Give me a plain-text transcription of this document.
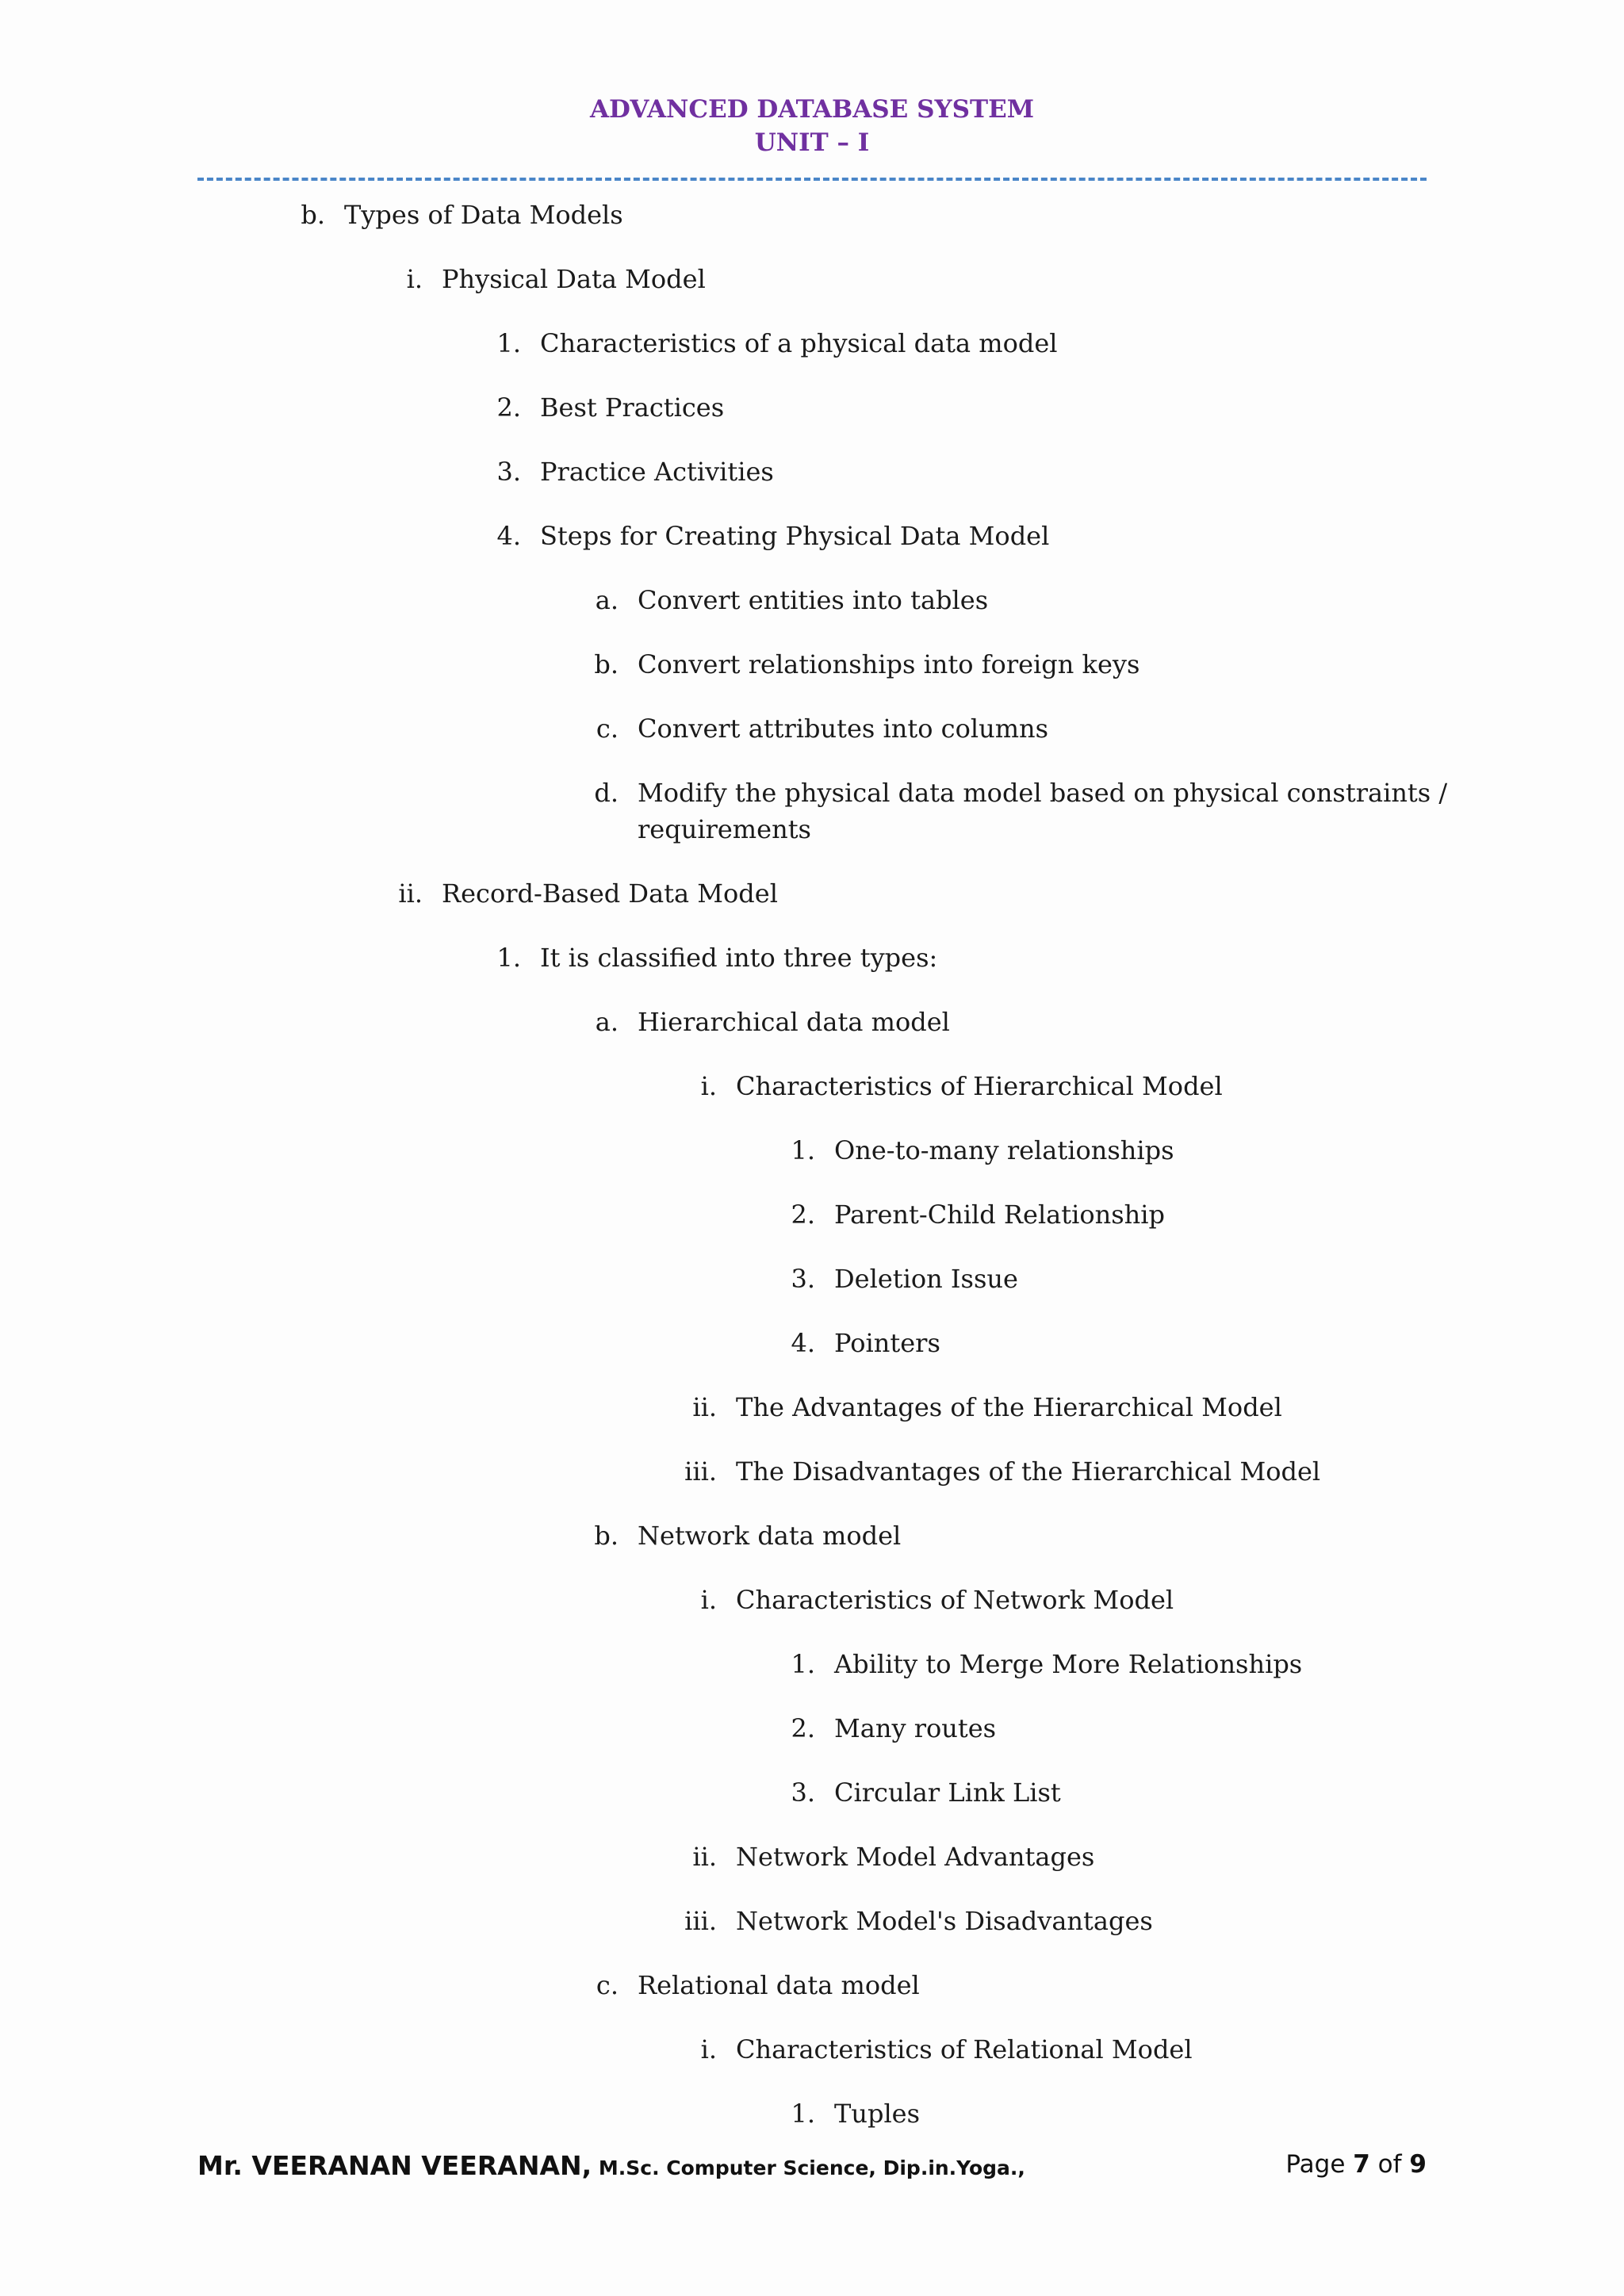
ADVANCED DATABASE SYSTEM
UNIT – I
b. Types of Data Models
i. Physical Data Model
1. Characteristics of a physical data model
2. Best Practices
3. Practice Activities
4. Steps for Creating Physical Data Model
a. Convert entities into tables
b. Convert relationships into foreign keys
c. Convert attributes into columns
d. Modify the physical data model based on physical constraints / requirements
ii. Record-Based Data Model
1. It is classified into three types:
a. Hierarchical data model
i. Characteristics of Hierarchical Model
1. One-to-many relationships
2. Parent-Child Relationship
3. Deletion Issue
4. Pointers
ii. The Advantages of the Hierarchical Model
iii. The Disadvantages of the Hierarchical Model
b. Network data model
i. Characteristics of Network Model
1. Ability to Merge More Relationships
2. Many routes
3. Circular Link List
ii. Network Model Advantages
iii. Network Model's Disadvantages
c. Relational data model
i. Characteristics of Relational Model
1. Tuples
Mr. VEERANAN VEERANAN, M.Sc. Computer Science, Dip.in.Yoga.,	Page 7 of 9
